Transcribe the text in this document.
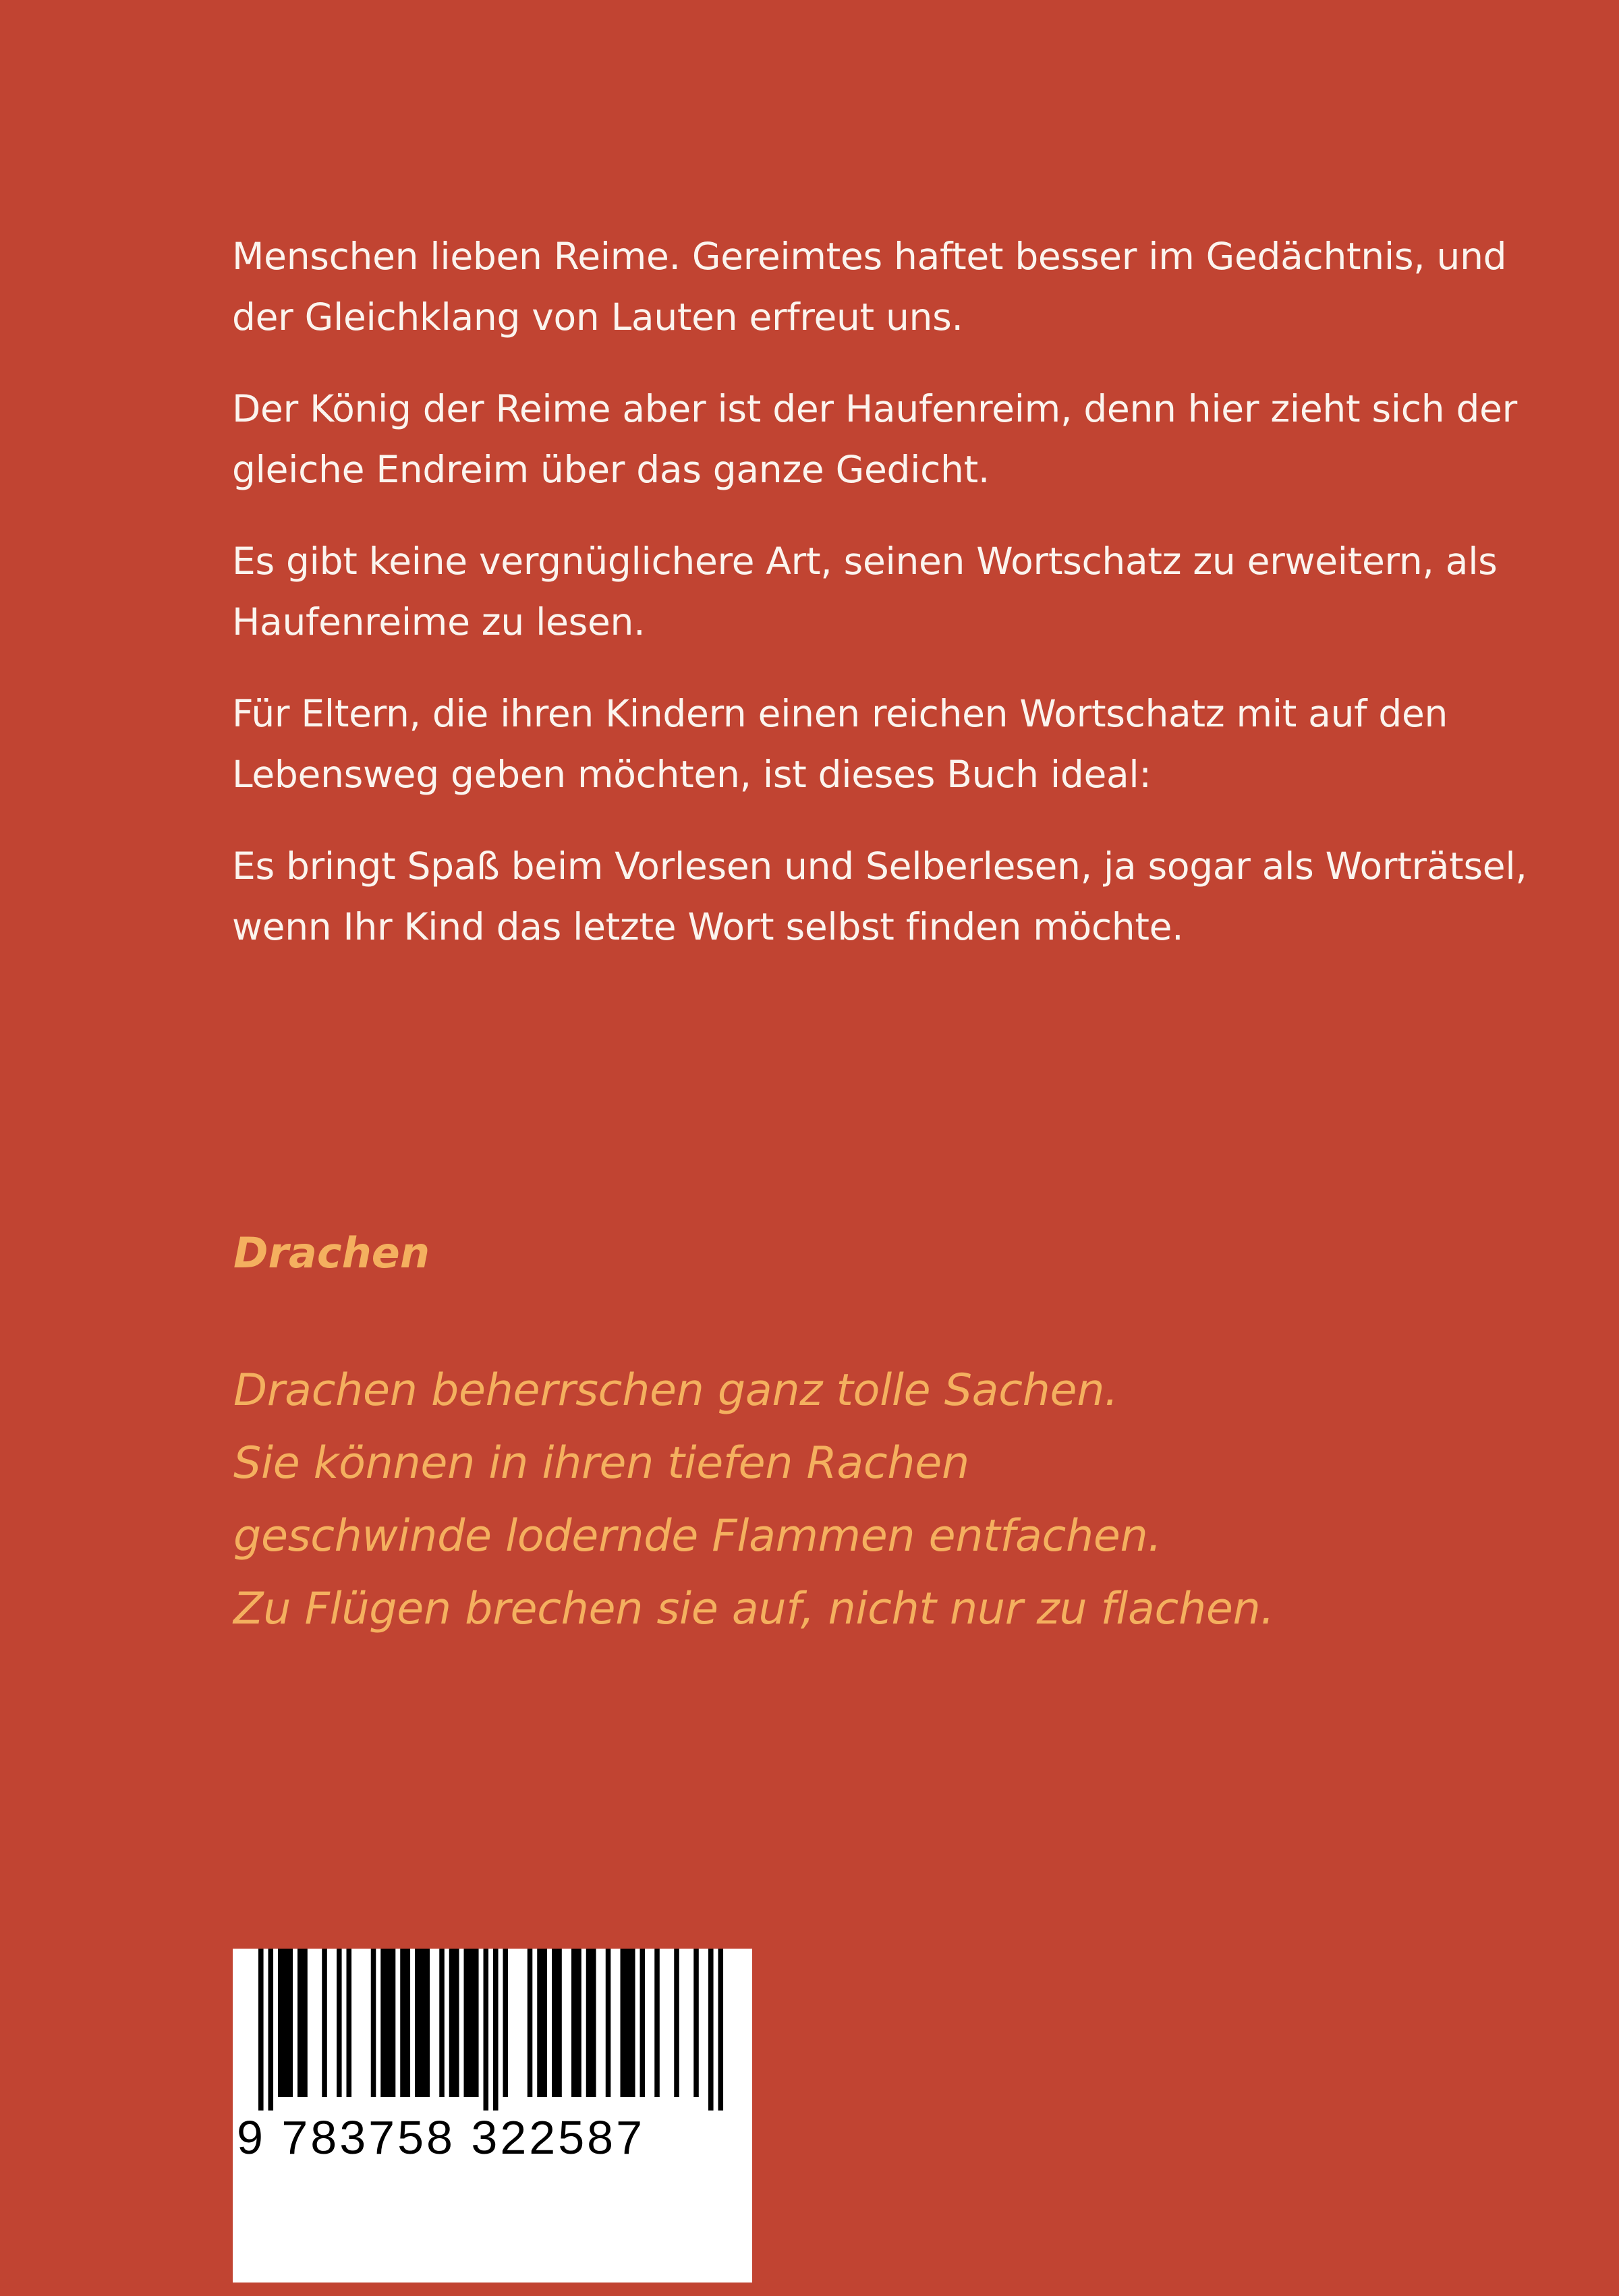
Menschen lieben Reime. Gereimtes haftet besser im Gedächtnis, und der Gleichklang von Lauten erfreut uns.

Der König der Reime aber ist der Haufenreim, denn hier zieht sich der gleiche Endreim über das ganze Gedicht.

Es gibt keine vergnüglichere Art, seinen Wortschatz zu erweitern, als Haufenreime zu lesen.

Für Eltern, die ihren Kindern einen reichen Wortschatz mit auf den Lebensweg geben möchten, ist dieses Buch ideal:

Es bringt Spaß beim Vorlesen und Selberlesen, ja sogar als Worträtsel, wenn Ihr Kind das letzte Wort selbst finden möchte.

Drachen
Drachen beherrschen ganz tolle Sachen.
Sie können in ihren tiefen Rachen
geschwinde lodernde Flammen entfachen.
Zu Flügen brechen sie auf, nicht nur zu flachen.
9 783758 322587
